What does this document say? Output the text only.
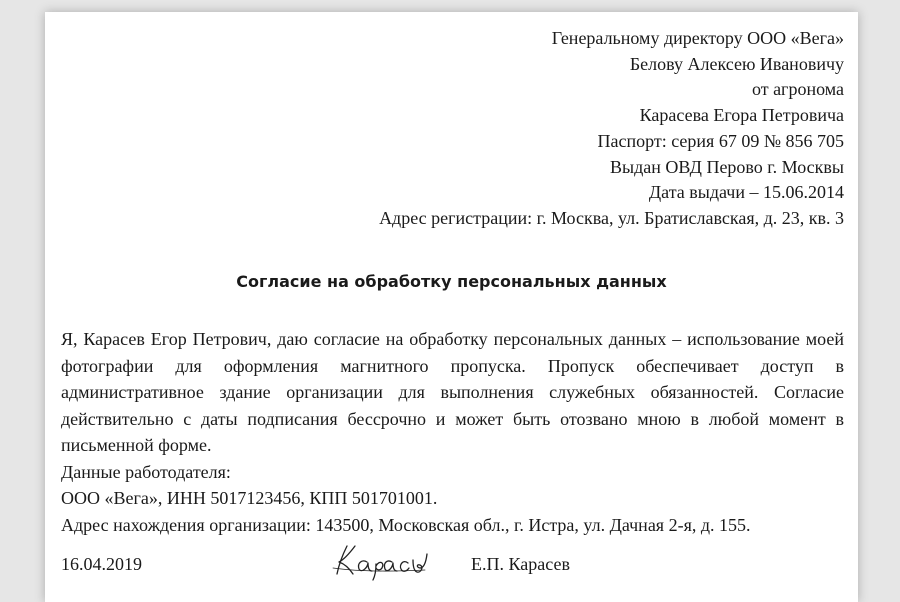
Генеральному директору ООО «Вега»
Белову Алексею Ивановичу
от агронома
Карасева Егора Петровича
Паспорт: серия 67 09 № 856 705
Выдан ОВД Перово г. Москвы
Дата выдачи – 15.06.2014
Адрес регистрации: г. Москва, ул. Братиславская, д. 23, кв. 3
Согласие на обработку персональных данных

Я, Карасев Егор Петрович, даю согласие на обработку персональных данных – использование моей фотографии для оформления магнитного пропуска. Пропуск обеспечивает доступ в административное здание организации для выполнения служебных обязанностей. Согласие действительно с даты подписания бессрочно и может быть отозвано мною в любой момент в письменной форме.

Данные работодателя:

ООО «Вега», ИНН 5017123456, КПП 501701001.

Адрес нахождения организации: 143500, Московская обл., г. Истра, ул. Дачная 2-я, д. 155.

16.04.2019	Е.П. Карасев
